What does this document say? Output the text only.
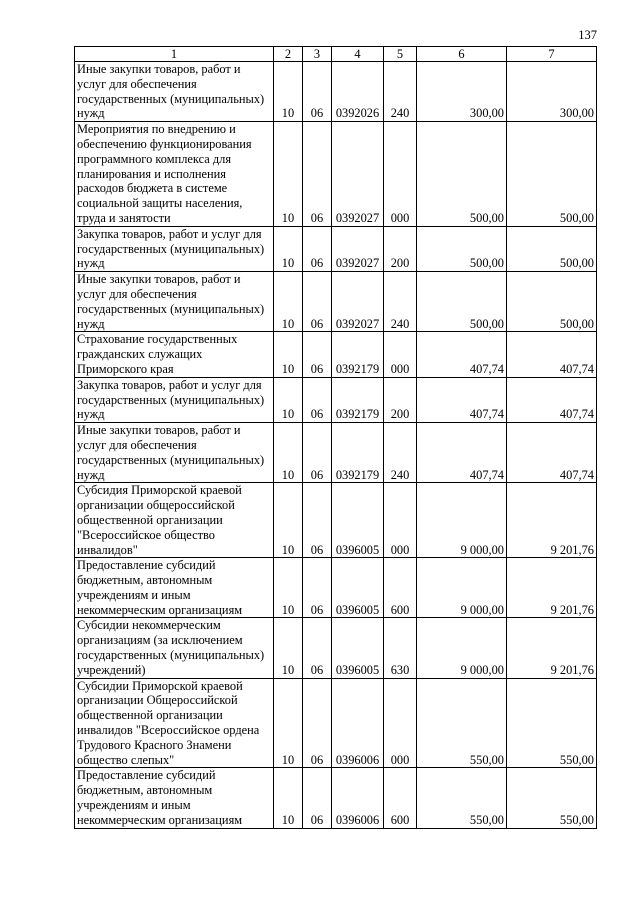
137
1	2	3	4	5	6	7
Иные закупки товаров, работ и услуг для обеспечения государственных (муниципальных) нужд	10	06	0392026	240	300,00	300,00
Мероприятия по внедрению и обеспечению функционирования программного комплекса для планирования и исполнения расходов бюджета в системе социальной защиты населения, труда и занятости	10	06	0392027	000	500,00	500,00
Закупка товаров, работ и услуг для государственных (муниципальных) нужд	10	06	0392027	200	500,00	500,00
Иные закупки товаров, работ и услуг для обеспечения государственных (муниципальных) нужд	10	06	0392027	240	500,00	500,00
Страхование государственных гражданских служащих Приморского края	10	06	0392179	000	407,74	407,74
Закупка товаров, работ и услуг для государственных (муниципальных) нужд	10	06	0392179	200	407,74	407,74
Иные закупки товаров, работ и услуг для обеспечения государственных (муниципальных) нужд	10	06	0392179	240	407,74	407,74
Субсидия Приморской краевой организации общероссийской общественной организации "Всероссийское общество инвалидов"	10	06	0396005	000	9 000,00	9 201,76
Предоставление субсидий бюджетным, автономным учреждениям и иным некоммерческим организациям	10	06	0396005	600	9 000,00	9 201,76
Субсидии некоммерческим организациям (за исключением государственных (муниципальных) учреждений)	10	06	0396005	630	9 000,00	9 201,76
Субсидии Приморской краевой организации Общероссийской общественной организации инвалидов "Всероссийское ордена Трудового Красного Знамени общество слепых"	10	06	0396006	000	550,00	550,00
Предоставление субсидий бюджетным, автономным учреждениям и иным некоммерческим организациям	10	06	0396006	600	550,00	550,00
